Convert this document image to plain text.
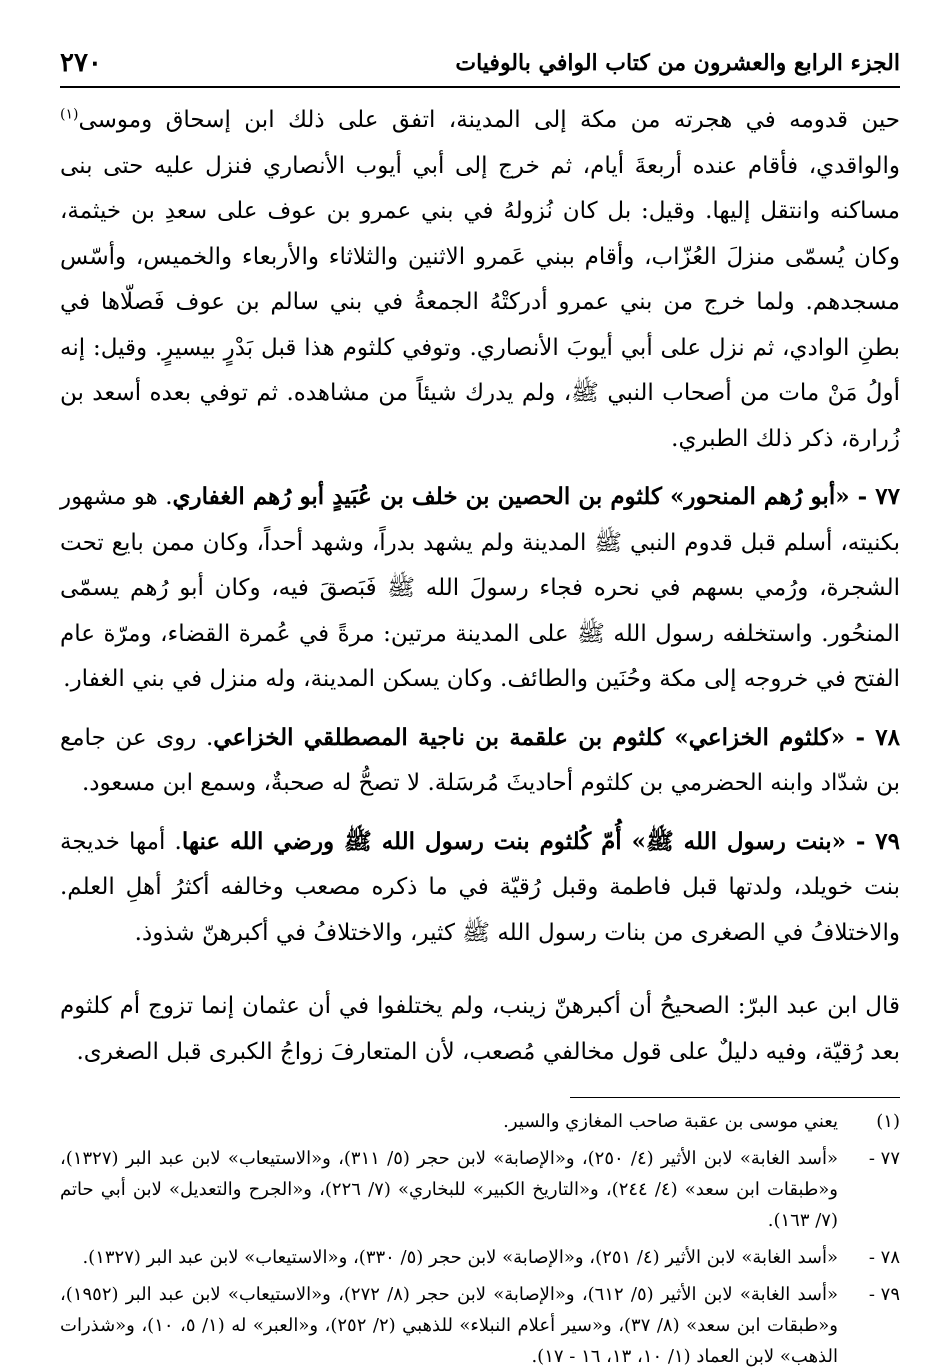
الجزء الرابع والعشرون من كتاب الوافي بالوفيات
٢٧٠

حين قدومه في هجرته من مكة إلى المدينة، اتفق على ذلك ابن إسحاق وموسى$^{(١)}$ والواقدي، فأقام عنده أربعةَ أيام، ثم خرج إلى أبي أيوب الأنصاري فنزل عليه حتى بنى مساكنه وانتقل إليها. وقيل: بل كان نُزولهُ في بني عمرو بن عوف على سعدِ بن خيثمة، وكان يُسمّى منزلَ العُزّاب، وأقام ببني عَمرو الاثنين والثلاثاء والأربعاء والخميس، وأسّس مسجدهم. ولما خرج من بني عمرو أدركتْهُ الجمعةُ في بني سالم بن عوف فَصلّاها في بطنِ الوادي، ثم نزل على أبي أيوبَ الأنصاري. وتوفي كلثوم هذا قبل بَدْرٍ بيسيرٍ. وقيل: إنه أولُ مَنْ مات من أصحاب النبي ﷺ، ولم يدرك شيئاً من مشاهده. ثم توفي بعده أسعد بن زُرارة، ذكر ذلك الطبري.

٧٧ - «أبو رُهم المنحور» كلثوم بن الحصين بن خلف بن عُبَيدٍ أبو رُهم الغفاري. هو مشهور بكنيته، أسلم قبل قدوم النبي ﷺ المدينة ولم يشهد بدراً، وشهد أحداً، وكان ممن بايع تحت الشجرة، ورُمي بسهم في نحره فجاء رسولَ الله ﷺ فَبَصقَ فيه، وكان أبو رُهم يسمّى المنحُور. واستخلفه رسول الله ﷺ على المدينة مرتين: مرةً في عُمرة القضاء، ومرّة عام الفتح في خروجه إلى مكة وحُنَين والطائف. وكان يسكن المدينة، وله منزل في بني الغفار.

٧٨ - «كلثوم الخزاعي» كلثوم بن علقمة بن ناجية المصطلقي الخزاعي. روى عن جامع بن شدّاد وابنه الحضرمي بن كلثوم أحاديثَ مُرسَلة. لا تصحُّ له صحبةٌ، وسمع ابن مسعود.

٧٩ - «بنت رسول الله ﷺ» أُمّ كُلثوم بنت رسول الله ﷺ ورضي الله عنها. أمها خديجة بنت خويلد، ولدتها قبل فاطمة وقبل رُقيّة في ما ذكره مصعب وخالفه أكثرُ أهلِ العلم. والاختلافُ في الصغرى من بنات رسول الله ﷺ كثير، والاختلافُ في أكبرهنّ شذوذ.

قال ابن عبد البرّ: الصحيحُ أن أكبرهنّ زينب، ولم يختلفوا في أن عثمان إنما تزوج أم كلثوم بعد رُقيّة، وفيه دليلٌ على قول مخالفي مُصعب، لأن المتعارفَ زواجُ الكبرى قبل الصغرى.

(١)
يعني موسى بن عقبة صاحب المغازي والسير.
٧٧ -
«أسد الغابة» لابن الأثير (٤/ ٢٥٠)، و«الإصابة» لابن حجر (٥/ ٣١١)، و«الاستيعاب» لابن عبد البر (١٣٢٧)، و«طبقات ابن سعد» (٤/ ٢٤٤)، و«التاريخ الكبير» للبخاري» (٧/ ٢٢٦)، و«الجرح والتعديل» لابن أبي حاتم (٧/ ١٦٣).
٧٨ -
«أسد الغابة» لابن الأثير (٤/ ٢٥١)، و«الإصابة» لابن حجر (٥/ ٣٣٠)، و«الاستيعاب» لابن عبد البر (١٣٢٧).
٧٩ -
«أسد الغابة» لابن الأثير (٥/ ٦١٢)، و«الإصابة» لابن حجر (٨/ ٢٧٢)، و«الاستيعاب» لابن عبد البر (١٩٥٢)، و«طبقات ابن سعد» (٨/ ٣٧)، و«سير أعلام النبلاء» للذهبي (٢/ ٢٥٢)، و«العبر» له (١/ ٥، ١٠)، و«شذرات الذهب» لابن العماد (١/ ١٠، ١٣، ١٦ - ١٧).
